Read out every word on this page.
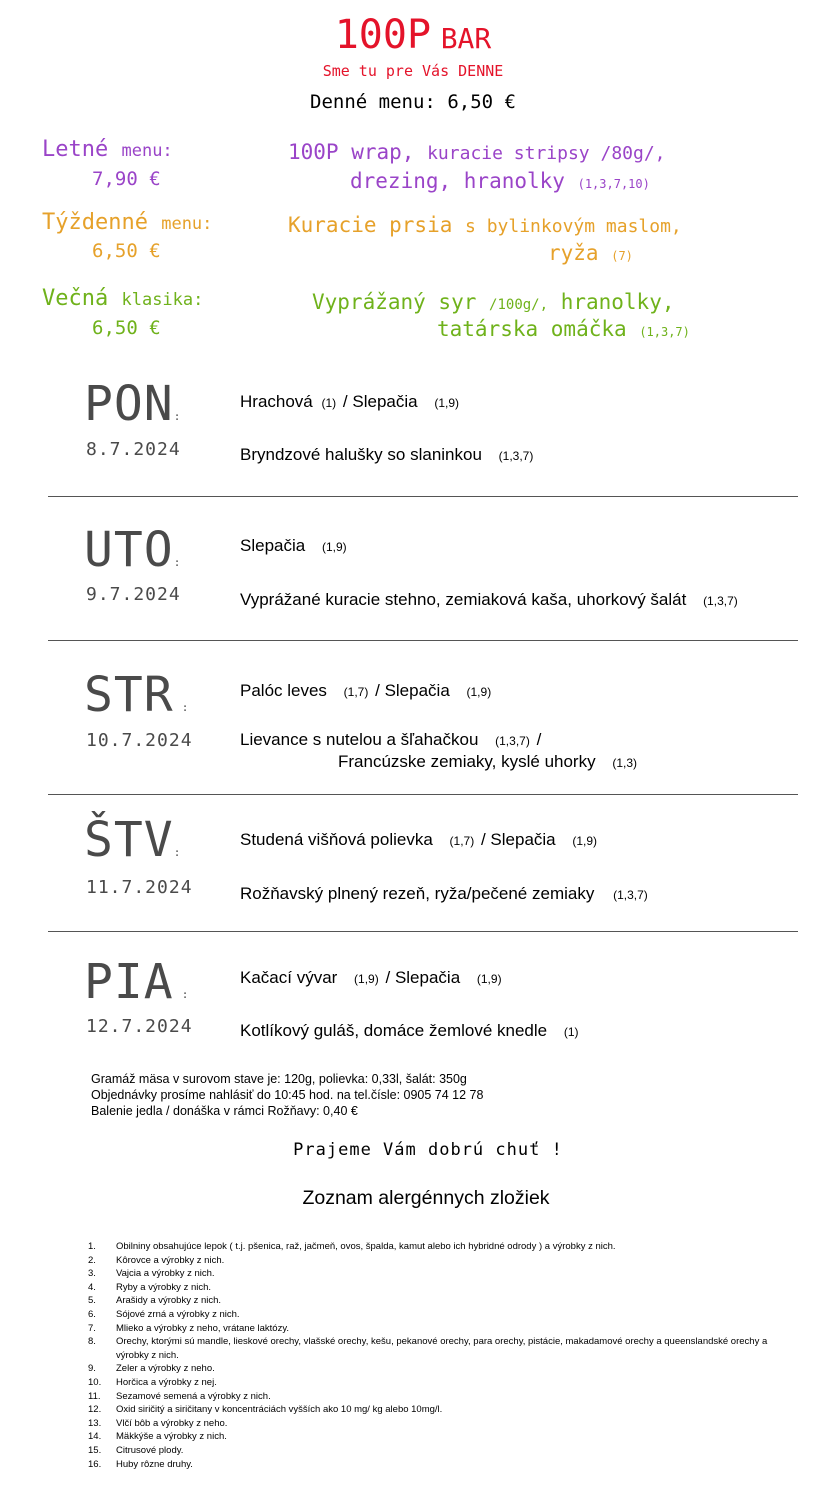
100P BAR
Sme tu pre Vás DENNE
Denné menu: 6,50 €
Letné menu:
7,90 €
100P wrap, kuracie stripsy /80g/,
drezing, hranolky (1,3,7,10)
Týždenné menu:
6,50 €
Kuracie prsia s bylinkovým maslom,
ryža (7)
Večná klasika:
6,50 €
Vyprážaný syr /100g/, hranolky,
tatárska omáčka (1,3,7)
PON:
8.7.2024
Hrachová (1) / Slepačia (1,9)
Bryndzové halušky so slaninkou (1,3,7)
UTO:
9.7.2024
Slepačia (1,9)
Vyprážané kuracie stehno, zemiaková kaša, uhorkový šalát (1,3,7)
STR :
10.7.2024
Palóc leves (1,7) / Slepačia (1,9)
Lievance s nutelou a šľahačkou (1,3,7) /
Francúzske zemiaky, kyslé uhorky (1,3)
ŠTV:
11.7.2024
Studená višňová polievka (1,7) / Slepačia (1,9)
Rožňavský plnený rezeň, ryža/pečené zemiaky (1,3,7)
PIA :
12.7.2024
Kačací vývar (1,9) / Slepačia (1,9)
Kotlíkový guláš, domáce žemlové knedle (1)
Gramáž mäsa v surovom stave je: 120g, polievka: 0,33l, šalát: 350g
Objednávky prosíme nahlásiť do 10:45 hod. na tel.čísle: 0905 74 12 78
Balenie jedla / donáška v rámci Rožňavy: 0,40 €
Prajeme Vám dobrú chuť !
Zoznam alergénnych zložiek
1. Obilniny obsahujúce lepok ( t.j. pšenica, raž, jačmeň, ovos, špalda, kamut alebo ich hybridné odrody ) a výrobky z nich.
2. Kôrovce a výrobky z nich.
3. Vajcia a výrobky z nich.
4. Ryby a výrobky z nich.
5. Arašidy a výrobky z nich.
6. Sójové zrná a výrobky z nich.
7. Mlieko a výrobky z neho, vrátane laktózy.
8. Orechy, ktorými sú mandle, lieskové orechy, vlašské orechy, kešu, pekanové orechy, para orechy, pistácie, makadamové orechy a queenslandské orechy a výrobky z nich.
9. Zeler a výrobky z neho.
10. Horčica a výrobky z nej.
11. Sezamové semená a výrobky z nich.
12. Oxid siričitý a siričitany v koncentráciách vyšších ako 10 mg/ kg alebo 10mg/l.
13. Vlčí bôb a výrobky z neho.
14. Mäkkýše a výrobky z nich.
15. Citrusové plody.
16. Huby rôzne druhy.
